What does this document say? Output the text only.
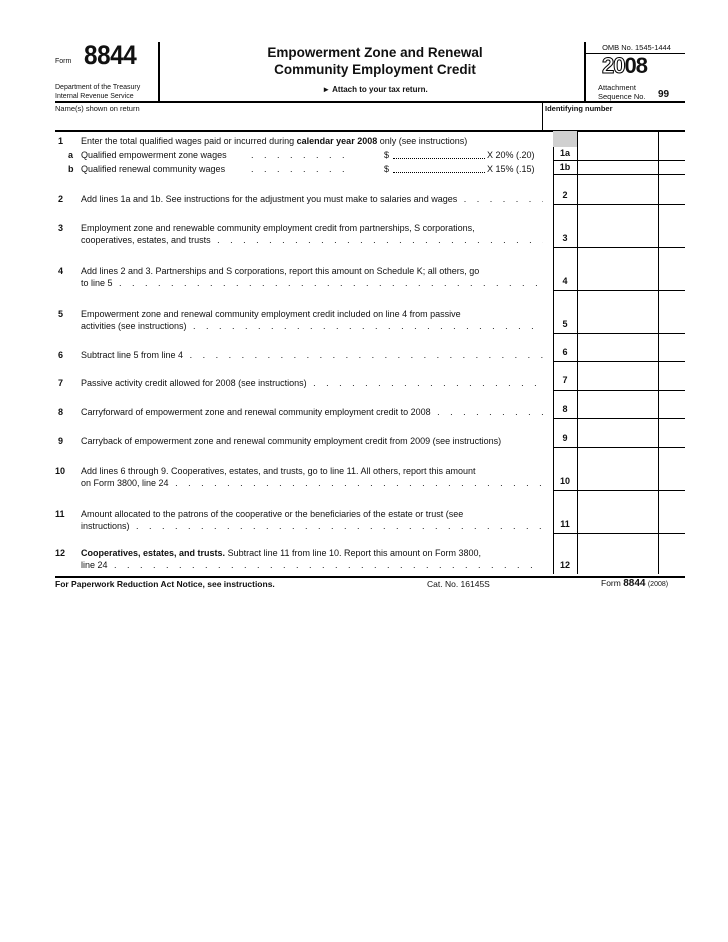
Form 8844
Department of the Treasury
Internal Revenue Service
Empowerment Zone and Renewal
Community Employment Credit
► Attach to your tax return.
OMB No. 1545-1444
2008
Attachment
Sequence No. 99
Name(s) shown on return	Identifying number
1 Enter the total qualified wages paid or incurred during calendar year 2008 only (see instructions)
a Qualified empowerment zone wages	. . . . . . . .	$	X 20% (.20)	1a
b Qualified renewal community wages	. . . . . . . .	$	X 15% (.15)	1b
2 Add lines 1a and 1b. See instructions for the adjustment you must make to salaries and wages . . .	2
3 Employment zone and renewable community employment credit from partnerships, S corporations,
cooperatives, estates, and trusts . . .	3
4 Add lines 2 and 3. Partnerships and S corporations, report this amount on Schedule K; all others, go
to line 5 . . .	4
5 Empowerment zone and renewal community employment credit included on line 4 from passive
activities (see instructions) . . .	5
6 Subtract line 5 from line 4 . . .	6
7 Passive activity credit allowed for 2008 (see instructions) . . .	7
8 Carryforward of empowerment zone and renewal community employment credit to 2008 . . .	8
9 Carryback of empowerment zone and renewal community employment credit from 2009 (see instructions)	9
10 Add lines 6 through 9. Cooperatives, estates, and trusts, go to line 11. All others, report this amount
on Form 3800, line 24 . . .	10
11 Amount allocated to the patrons of the cooperative or the beneficiaries of the estate or trust (see
instructions) . . .	11
12 Cooperatives, estates, and trusts. Subtract line 11 from line 10. Report this amount on Form 3800,
line 24 . . .	12
For Paperwork Reduction Act Notice, see instructions.	Cat. No. 16145S	Form 8844 (2008)
